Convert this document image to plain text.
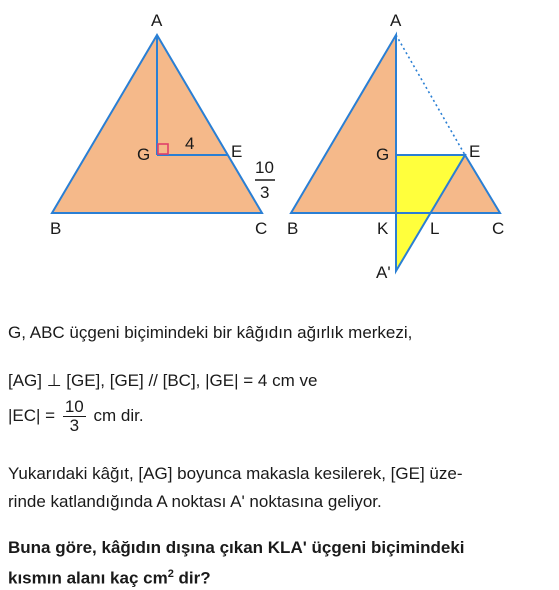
A
B	C
G	E
4
10
3
A
G	E
B	K L	C
A'
G, ABC üçgeni biçimindeki bir kâğıdın ağırlık merkezi,
[AG] ⊥ [GE], [GE] // [BC], |GE| = 4 cm ve
$|EC| = \frac{10}{3}$ cm dir.
Yukarıdaki kâğıt, [AG] boyunca makasla kesilerek, [GE] üze-
rinde katlandığında A noktası A' noktasına geliyor.
Buna göre, kâğıdın dışına çıkan KLA' üçgeni biçimindeki
kısmın alanı kaç $cm^2$ dir?
